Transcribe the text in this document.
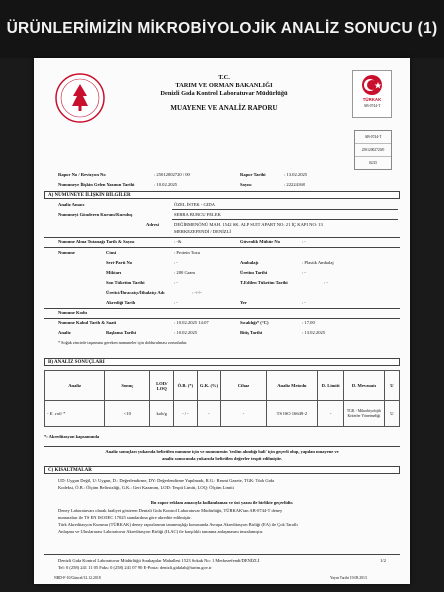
ÜRÜNLERİMİZİN MİKROBİYOLOJİK ANALİZ SONUCU (1)
T.C.
TARIM VE ORMAN BAKANLIĞI
Denizli Gıda Kontrol Laboratuvar Müdürlüğü
MUAYENE VE ANALİZ RAPORU
TÜRKAK
AB-0744-T
AB-0744-T
25012002720/0
02/25
Rapor No / Revizyon No	: 25012002720 / 00	Rapor Tarihi	: 13.02.2025
Numuneye İlişkin Gelen Yazının Tarihi	: 10.02.2025	Sayısı	: 22224168
A) NUMUNEYE İLİŞKİN BİLGİLER
Analiz Amacı	ÖZEL İSTEK - GIDA
Numuneyi Gönderen Kurum/Kuruluş	SERRA BURCU FELEK
Adresi	DEĞİRMENÖNÜ MAH. 1542 SK. ALP SUIT APART NO: 21 İÇ KAPI NO: 13
MERKEZEFENDİ / DENİZLİ
Numune Alma Tutanağı Tarih & Sayısı	: -&	Güvenlik Mühür No	: -
Numune	Cinsi	: Protein Tozu
Seri-Parti No	: -	Ambalajı	: Plastik Ambalaj
Miktarı	: 200 Gram	Üretim Tarihi	: -
Son Tüketim Tarihi	: -	T.Edilen Tüketim Tarihi	: -
Üretici/İhracatçı/İthalatçı Adı	: -/-/-
Akrediği Tarih	: -	Yer	: -
Numune Kodu
Numune Kabul Tarih & Saati	: 10.02.2025 14:07	Sıcaklığı* (°C)	: 17,00
Analiz	Başlama Tarihi	: 10.02.2025	Bitiş Tarihi	: 13.02.2025
* Soğuk zincirde taşınması gereken numuneler için doldurulması zorunludur.
B) ANALİZ SONUÇLARI
Analiz	Sonuç	LOD/ LOQ	Ö.B. (*)	G.K. (%)	Cihaz	Analiz Metodu	D. Limiti	D. Mevzuatı	U
- E. coli *	<10	kob/g	- / -	-	-	TS ISO 16649-2	-	TGK - Mikrobiyolojik Kriterler Yönetmeliği	U
*: Akreditasyon kapsamında
Analiz sonuçları yukarıda belirtilen numune için ve numunenin 'teslim alındığı hali' için geçerli olup, yapılan muayene ve
analiz sonucunda yukarıda belirtilen değerler tespit edilmiştir.
C) KISALTMALAR
UD: Uygun Değil, U: Uygun, D.: Değerlendirme, DY: Değerlendirme Yapılmadı, R.G.: Resmi Gazete, TGK: Türk Gıda
Kodeksi, Ö.B.: Ölçüm Belirsizliği, G.K.: Geri Kazanım, LOD: Tespit Limiti, LOQ: Ölçüm Limiti
Bu rapor reklam amacıyla kullanılamaz ve üst yazısı ile birlikte geçerlidir.
Deney Laboratuvarı olarak faaliyet gösteren Denizli Gıda Kontrol Laboratuvar Müdürlüğü, TÜRKAK'tan AB-0744-T deney
numaraları ile TS EN ISO/IEC 17025 standardına göre akredite edilmiştir.
Türk Akreditasyon Kurumu (TÜRKAK) deney raporlarının tanınmışlığı konusunda Avrupa Akreditasyon Birliği (EA) ile Çok Taraflı
Anlaşma ve Uluslararası Laboratuvar Akreditasyon Birliği (ILAC) ile karşılıklı tanınma anlaşmasını imzalamıştır.
Denizli Gıda Kontrol Laboratuvar Müdürlüğü Sırakapılar Mahallesi 1523 Sokak No: 1 Merkezefendi/DENİZLİ	1/2
Tel: 0 (258) 241 11 05 Faks: 0 (258) 241 07 90 E-Posta: denizli.gidalab@tarim.gov.tr
NRD-F-10/Güncel/12.12.2018	Yayın Tarihi 19.08.2013
